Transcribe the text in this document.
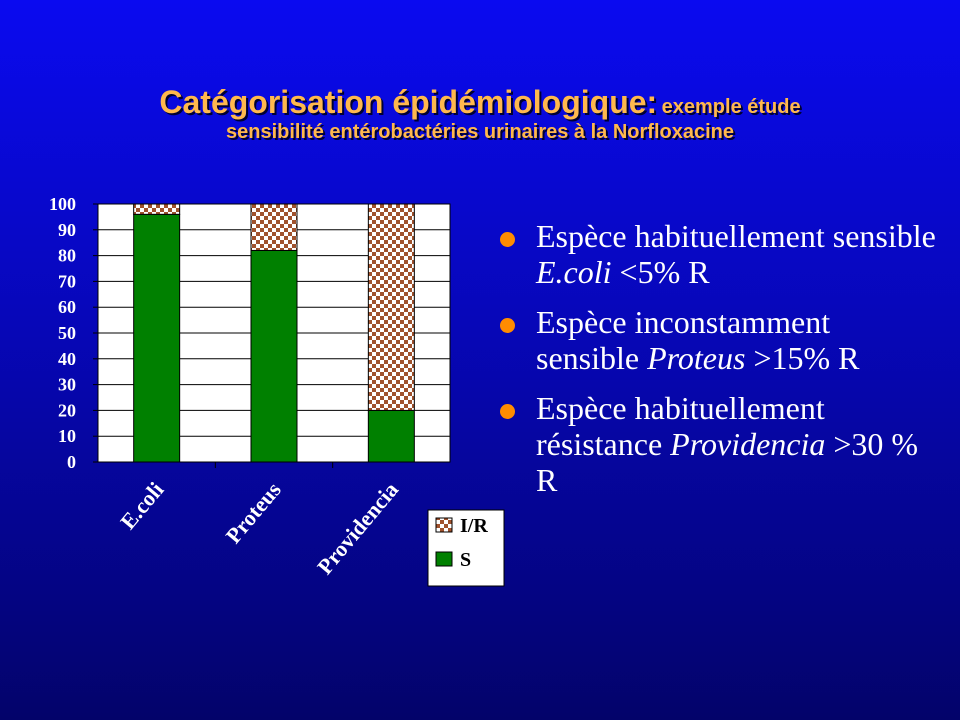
Catégorisation épidémiologique: exemple étude
sensibilité entérobactéries urinaires à la Norfloxacine
0
10
20
30
40
50
60
70
80
90
100
E.coli Proteus Providencia	I/R
S
Espèce habituellement sensible E.coli <5% R
Espèce inconstamment sensible Proteus >15% R
Espèce habituellement résistance Providencia >30 % R
